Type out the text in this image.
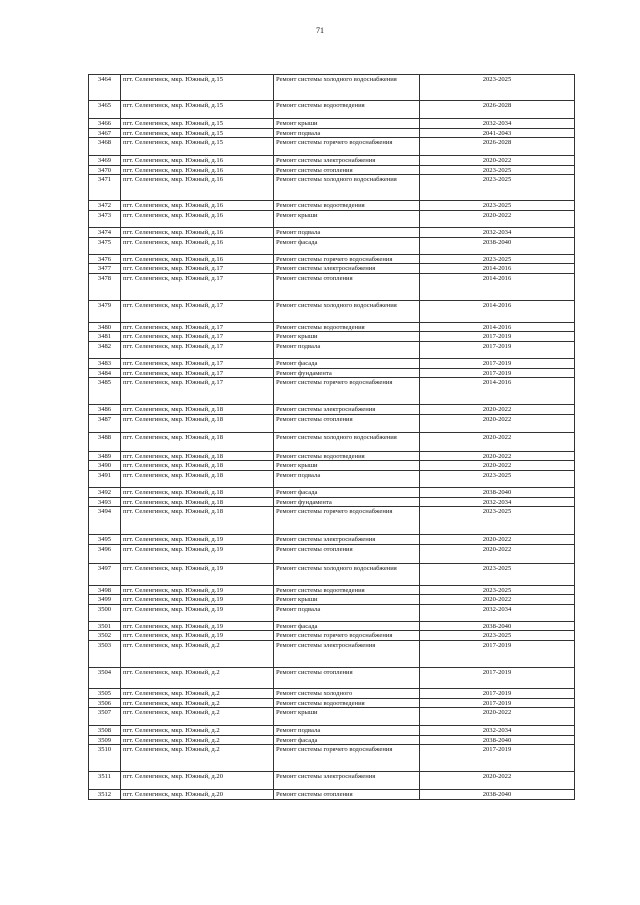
71
3464	пгт. Селенгинск, мкр. Южный, д.15	Ремонт системы холодного водоснабжения	2023-2025
3465	пгт. Селенгинск, мкр. Южный, д.15	Ремонт системы водоотведения	2026-2028
3466	пгт. Селенгинск, мкр. Южный, д.15	Ремонт крыши	2032-2034
3467	пгт. Селенгинск, мкр. Южный, д.15	Ремонт подвала	2041-2043
3468	пгт. Селенгинск, мкр. Южный, д.15	Ремонт системы горячего водоснабжения	2026-2028
3469	пгт. Селенгинск, мкр. Южный, д.16	Ремонт системы электроснабжения	2020-2022
3470	пгт. Селенгинск, мкр. Южный, д.16	Ремонт системы отопления	2023-2025
3471	пгт. Селенгинск, мкр. Южный, д.16	Ремонт системы холодного водоснабжения	2023-2025
3472	пгт. Селенгинск, мкр. Южный, д.16	Ремонт системы водоотведения	2023-2025
3473	пгт. Селенгинск, мкр. Южный, д.16	Ремонт крыши	2020-2022
3474	пгт. Селенгинск, мкр. Южный, д.16	Ремонт подвала	2032-2034
3475	пгт. Селенгинск, мкр. Южный, д.16	Ремонт фасада	2038-2040
3476	пгт. Селенгинск, мкр. Южный, д.16	Ремонт системы горячего водоснабжения	2023-2025
3477	пгт. Селенгинск, мкр. Южный, д.17	Ремонт системы электроснабжения	2014-2016
3478	пгт. Селенгинск, мкр. Южный, д.17	Ремонт системы отопления	2014-2016
3479	пгт. Селенгинск, мкр. Южный, д.17	Ремонт системы холодного водоснабжения	2014-2016
3480	пгт. Селенгинск, мкр. Южный, д.17	Ремонт системы водоотведения	2014-2016
3481	пгт. Селенгинск, мкр. Южный, д.17	Ремонт крыши	2017-2019
3482	пгт. Селенгинск, мкр. Южный, д.17	Ремонт подвала	2017-2019
3483	пгт. Селенгинск, мкр. Южный, д.17	Ремонт фасада	2017-2019
3484	пгт. Селенгинск, мкр. Южный, д.17	Ремонт фундамента	2017-2019
3485	пгт. Селенгинск, мкр. Южный, д.17	Ремонт системы горячего водоснабжения	2014-2016
3486	пгт. Селенгинск, мкр. Южный, д.18	Ремонт системы электроснабжения	2020-2022
3487	пгт. Селенгинск, мкр. Южный, д.18	Ремонт системы отопления	2020-2022
3488	пгт. Селенгинск, мкр. Южный, д.18	Ремонт системы холодного водоснабжения	2020-2022
3489	пгт. Селенгинск, мкр. Южный, д.18	Ремонт системы водоотведения	2020-2022
3490	пгт. Селенгинск, мкр. Южный, д.18	Ремонт крыши	2020-2022
3491	пгт. Селенгинск, мкр. Южный, д.18	Ремонт подвала	2023-2025
3492	пгт. Селенгинск, мкр. Южный, д.18	Ремонт фасада	2038-2040
3493	пгт. Селенгинск, мкр. Южный, д.18	Ремонт фундамента	2032-2034
3494	пгт. Селенгинск, мкр. Южный, д.18	Ремонт системы горячего водоснабжения	2023-2025
3495	пгт. Селенгинск, мкр. Южный, д.19	Ремонт системы электроснабжения	2020-2022
3496	пгт. Селенгинск, мкр. Южный, д.19	Ремонт системы отопления	2020-2022
3497	пгт. Селенгинск, мкр. Южный, д.19	Ремонт системы холодного водоснабжения	2023-2025
3498	пгт. Селенгинск, мкр. Южный, д.19	Ремонт системы водоотведения	2023-2025
3499	пгт. Селенгинск, мкр. Южный, д.19	Ремонт крыши	2020-2022
3500	пгт. Селенгинск, мкр. Южный, д.19	Ремонт подвала	2032-2034
3501	пгт. Селенгинск, мкр. Южный, д.19	Ремонт фасада	2038-2040
3502	пгт. Селенгинск, мкр. Южный, д.19	Ремонт системы горячего водоснабжения	2023-2025
3503	пгт. Селенгинск, мкр. Южный, д.2	Ремонт системы электроснабжения	2017-2019
3504	пгт. Селенгинск, мкр. Южный, д.2	Ремонт системы отопления	2017-2019
3505	пгт. Селенгинск, мкр. Южный, д.2	Ремонт системы холодного	2017-2019
3506	пгт. Селенгинск, мкр. Южный, д.2	Ремонт системы водоотведения	2017-2019
3507	пгт. Селенгинск, мкр. Южный, д.2	Ремонт крыши	2020-2022
3508	пгт. Селенгинск, мкр. Южный, д.2	Ремонт подвала	2032-2034
3509	пгт. Селенгинск, мкр. Южный, д.2	Ремонт фасада	2038-2040
3510	пгт. Селенгинск, мкр. Южный, д.2	Ремонт системы горячего водоснабжения	2017-2019
3511	пгт. Селенгинск, мкр. Южный, д.20	Ремонт системы электроснабжения	2020-2022
3512	пгт. Селенгинск, мкр. Южный, д.20	Ремонт системы отопления	2038-2040
